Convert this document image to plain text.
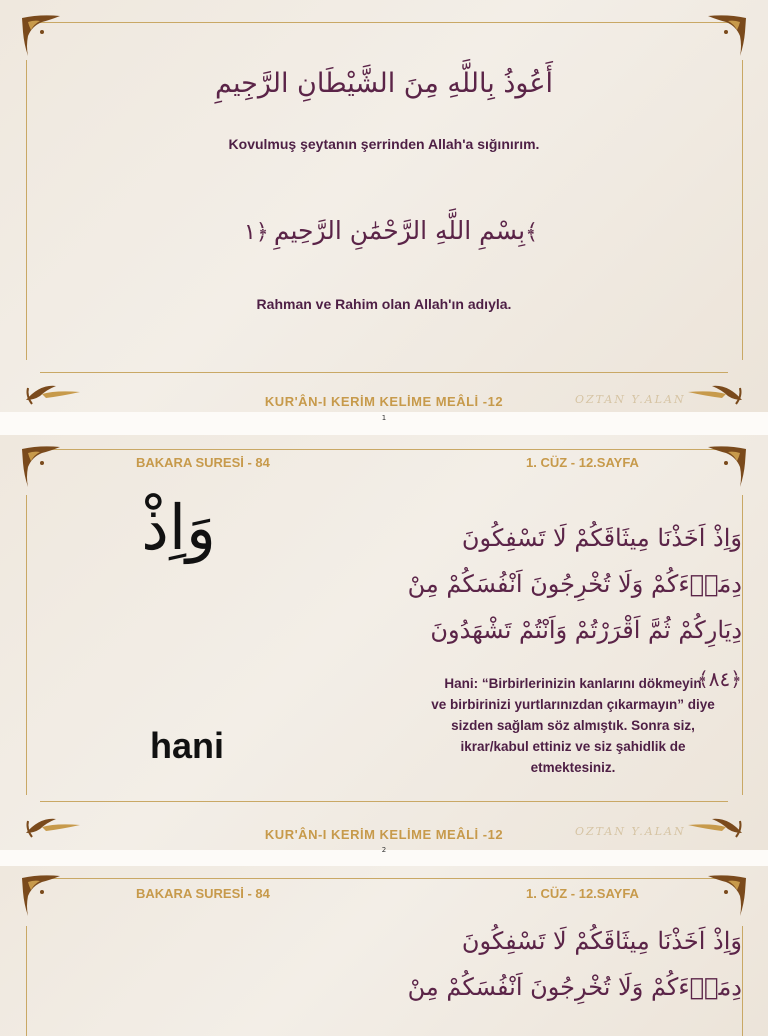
أَعُوذُ بِاللَّهِ مِنَ الشَّيْطَانِ الرَّجِيمِ
Kovulmuş şeytanın şerrinden Allah'a sığınırım.
بِسْمِ اللَّهِ الرَّحْمَٰنِ الرَّحِيمِ ﴿١	﴾
Rahman ve Rahim olan Allah'ın adıyla.
KUR'ÂN-I KERİM KELİME MEÂLİ -12	OZTAN Y.ALAN
1
BAKARA SURESİ - 84	1. CÜZ - 12.SAYFA
وَاِذْ
hani
وَاِذْ اَخَذْنَا مِيثَاقَكُمْ لَا تَسْفِكُونَ
دِمَاۤءَكُمْ وَلَا تُخْرِجُونَ اَنْفُسَكُمْ مِنْ
دِيَارِكُمْ ثُمَّ اَقْرَرْتُمْ وَاَنْتُمْ تَشْهَدُونَ ﴿٨٤﴾
Hani: “Birbirlerinizin kanlarını dökmeyin
ve birbirinizi yurtlarınızdan çıkarmayın” diye
sizden sağlam söz almıştık. Sonra siz,
ikrar/kabul ettiniz ve siz şahidlik de etmektesiniz.
KUR'ÂN-I KERİM KELİME MEÂLİ -12	OZTAN Y.ALAN
2
BAKARA SURESİ - 84	1. CÜZ - 12.SAYFA
وَاِذْ اَخَذْنَا مِيثَاقَكُمْ لَا تَسْفِكُونَ
دِمَاۤءَكُمْ وَلَا تُخْرِجُونَ اَنْفُسَكُمْ مِنْ
